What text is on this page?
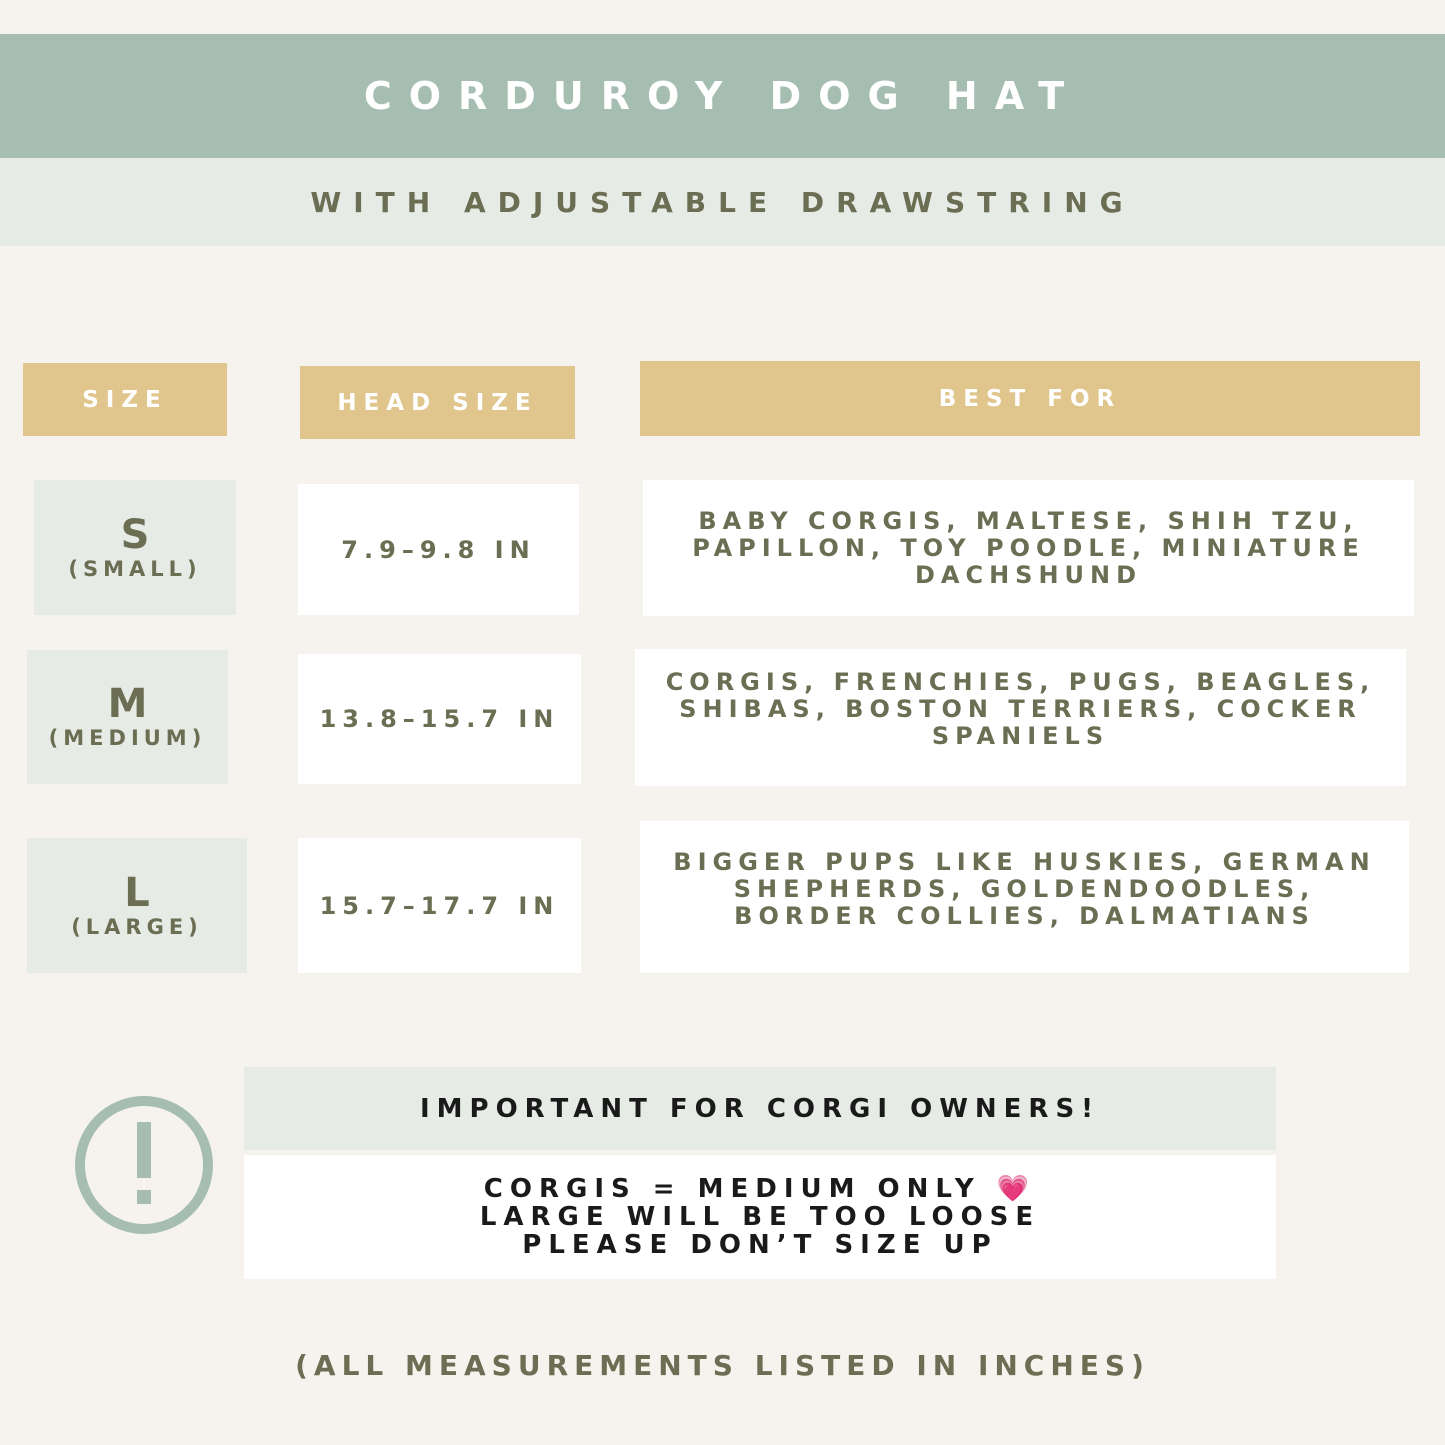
CORDUROY DOG HAT
WITH ADJUSTABLE DRAWSTRING
SIZE	HEAD SIZE	BEST FOR
S
(SMALL)
7.9–9.8 IN
BABY CORGIS, MALTESE, SHIH TZU,
PAPILLON, TOY POODLE, MINIATURE
DACHSHUND
M
(MEDIUM)
13.8–15.7 IN
CORGIS, FRENCHIES, PUGS, BEAGLES,
SHIBAS, BOSTON TERRIERS, COCKER
SPANIELS
L
(LARGE)
15.7–17.7 IN
BIGGER PUPS LIKE HUSKIES, GERMAN
SHEPHERDS, GOLDENDOODLES,
BORDER COLLIES, DALMATIANS
IMPORTANT FOR CORGI OWNERS!
CORGIS = MEDIUM ONLY 💗
LARGE WILL BE TOO LOOSE
PLEASE DON’T SIZE UP
(ALL MEASUREMENTS LISTED IN INCHES)
